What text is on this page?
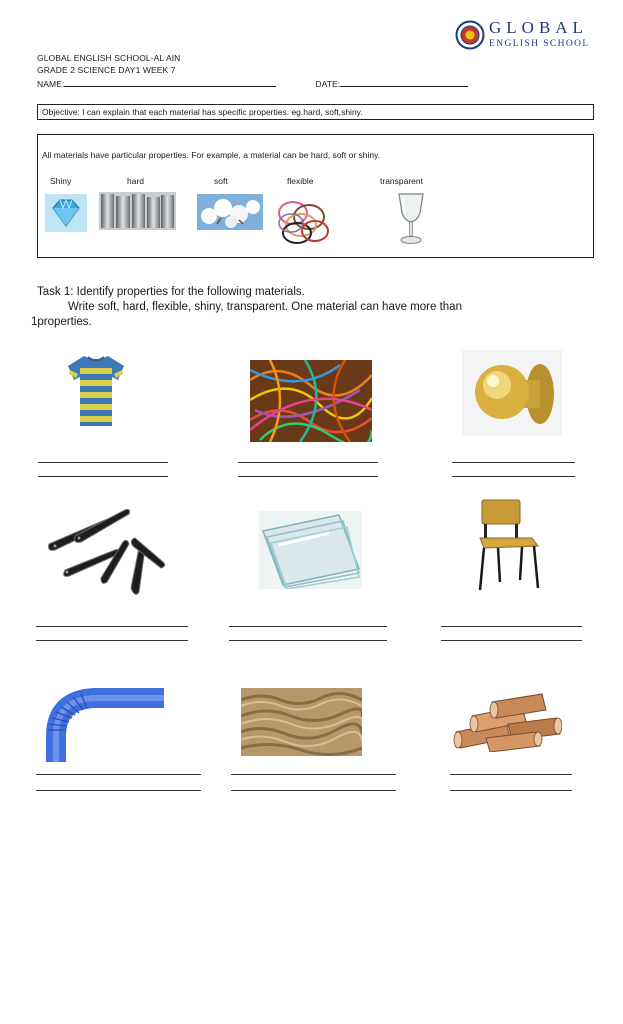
GLOBAL
ENGLISH SCHOOL
GLOBAL ENGLISH SCHOOL-AL AIN
GRADE 2 SCIENCE DAY1 WEEK 7
NAME:	DATE:
Objective: I can explain that each material has specific properties. eg.hard, soft,shiny.
All materials have particular properties. For example, a material can be hard, soft or shiny.
Shiny	hard	soft	flexible	transparent
Task 1: Identify properties for the following materials.
Write soft, hard, flexible, shiny, transparent. One material can have more than
1properties.
